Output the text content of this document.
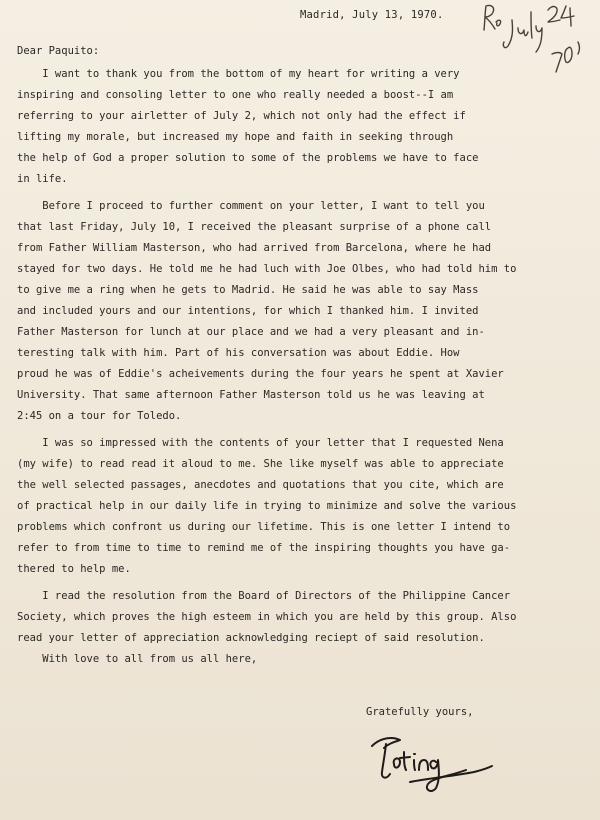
Madrid, July 13, 1970.
Dear Paquito:
I want to thank you from the bottom of my heart for writing a very
inspiring and consoling letter to one who really needed a boost--I am
referring to your airletter of July 2, which not only had the effect if
lifting my morale, but increased my hope and faith in seeking through
the help of God a proper solution to some of the problems we have to face
in life.
Before I proceed to further comment on your letter, I want to tell you
that last Friday, July 10, I received the pleasant surprise of a phone call
from Father William Masterson, who had arrived from Barcelona, where he had
stayed for two days. He told me he had luch with Joe Olbes, who had told him to
to give me a ring when he gets to Madrid. He said he was able to say Mass
and included yours and our intentions, for which I thanked him. I invited
Father Masterson for lunch at our place and we had a very pleasant and in-
teresting talk with him. Part of his conversation was about Eddie. How
proud he was of Eddie's acheivements during the four years he spent at Xavier
University. That same afternoon Father Masterson told us he was leaving at
2:45 on a tour for Toledo.
I was so impressed with the contents of your letter that I requested Nena
(my wife) to read read it aloud to me. She like myself was able to appreciate
the well selected passages, anecdotes and quotations that you cite, which are
of practical help in our daily life in trying to minimize and solve the various
problems which confront us during our lifetime. This is one letter I intend to
refer to from time to time to remind me of the inspiring thoughts you have ga-
thered to help me.
I read the resolution from the Board of Directors of the Philippine Cancer
Society, which proves the high esteem in which you are held by this group. Also
read your letter of appreciation acknowledging reciept of said resolution.
With love to all from us all here,
Gratefully yours,
